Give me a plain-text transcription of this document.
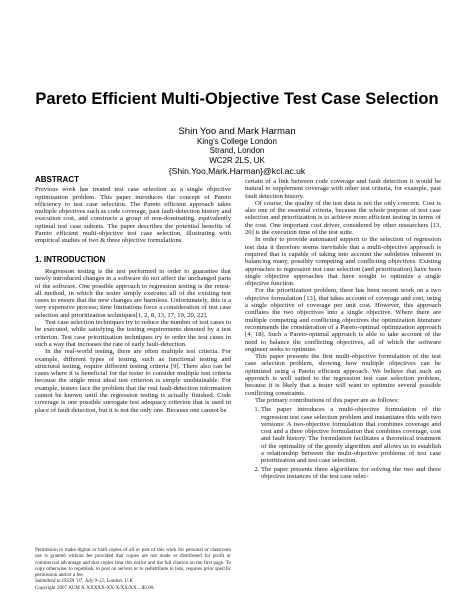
Pareto Efficient Multi-Objective Test Case Selection
Shin Yoo and Mark Harman
King’s College London
Strand, London
WC2R 2LS, UK
{Shin.Yoo,Mark.Harman}@kcl.ac.uk
ABSTRACT

Previous work has treated test case selection as a single objective optimisation problem. This paper introduces the concept of Pareto efficiency to test case selection. The Pareto efficient approach takes multiple objectives such as code coverage, past fault-detection history and execution cost, and constructs a group of non-dominating, equivalently optimal test case subsets. The paper describes the potential benefits of Pareto efficient multi-objective test case selection, illustrating with empirical studies of two & three objective formulations.

1. INTRODUCTION

Regression testing is the test performed in order to guarantee that newly introduced changes in a software do not affect the unchanged parts of the software. One possible approach to regression testing is the retest-all method, in which the tester simply executes all of the existing test cases to ensure that the new changes are harmless. Unfortunately, this is a very expensive process; time limitations force a consideration of test case selection and prioritization techniques[1, 2, 8, 13, 17, 19, 20, 22].

Test case selection techniques try to reduce the number of test cases to be executed, while satisfying the testing requirements denoted by a test criterion. Test case prioritization techniques try to order the test cases in such a way that increases the rate of early fault-detection.

In the real-world testing, there are often multiple test criteria. For example, different types of testing, such as functional testing and structural testing, require different testing criteria [9]. There also can be cases where it is beneficial for the tester to consider multiple test criteria because the single most ideal test criterion is simply unobtainable. For example, testers face the problem that the real fault-detection information cannot be known until the regression testing is actually finished. Code coverage is one possible surrogate test adequacy criterion that is used in place of fault detection, but it is not the only one. Because one cannot be

Permission to make digital or hard copies of all or part of this work for personal or classroom use is granted without fee provided that copies are not made or distributed for profit or commercial advantage and that copies bear this notice and the full citation on the first page. To copy otherwise, to republish, to post on servers or to redistribute to lists, requires prior specific permission and/or a fee.
Submitted to ISSTA ’07, July 9-12, London, U.K
Copyright 2007 ACM X-XXXXX-XX-X/XX/XX ...$5.00.

certain of a link between code coverage and fault detection it would be natural to supplement coverage with other test criteria, for example, past fault detection history.

Of course, the quality of the test data is not the only concern. Cost is also one of the essential criteria, because the whole purpose of test case selection and prioritization is to achieve more efficient testing in terms of the cost. One important cost driver, considered by other researchers [13, 20] is the execution time of the test suite.

In order to provide automated support to the selection of regression test data it therefore seems inevitable that a multi-objective approach is required that is capable of taking into account the subtleties inherent in balancing many, possibly competing and conflicting objectives. Existing approaches to regression test case selection (and prioritization) have been single objective approaches that have sought to optimize a single objective function.

For the prioritization problem, there has been recent work on a two objective formulation [13], that takes account of coverage and cost, using a single objective of coverage per unit cost. However, this approach conflates the two objectives into a single objective. Where there are multiple competing and conflicting objectives the optimization literature recommends the consideration of a Pareto-optimal optimization approach [4, 18]. Such a Pareto-optimal approach is able to take account of the need to balance the conflicting objectives, all of which the software engineer seeks to optimize.

This paper presents the first multi-objective formulation of the test case selection problem, showing how multiple objectives can be optimized using a Pareto efficient approach. We believe that such an approach is well suited to the regression test case selection problem, because it is likely that a tester will want to optimize several possible conflicting constraints.

The primary contributions of this paper are as follows:

1. The paper introduces a multi-objective formulation of the regression test case selection problem and instantiates this with two versions: A two-objective formulation that combines coverage and cost and a three objective formulation that combines coverage, cost and fault history. The formulation facilitates a theoretical treatment of the optimality of the greedy algorithm and allows us to establish a relationship between the multi-objective problems of test case prioritization and test case selection.
2. The paper presents three algorithms for solving the two and three objective instances of the test case selec-
